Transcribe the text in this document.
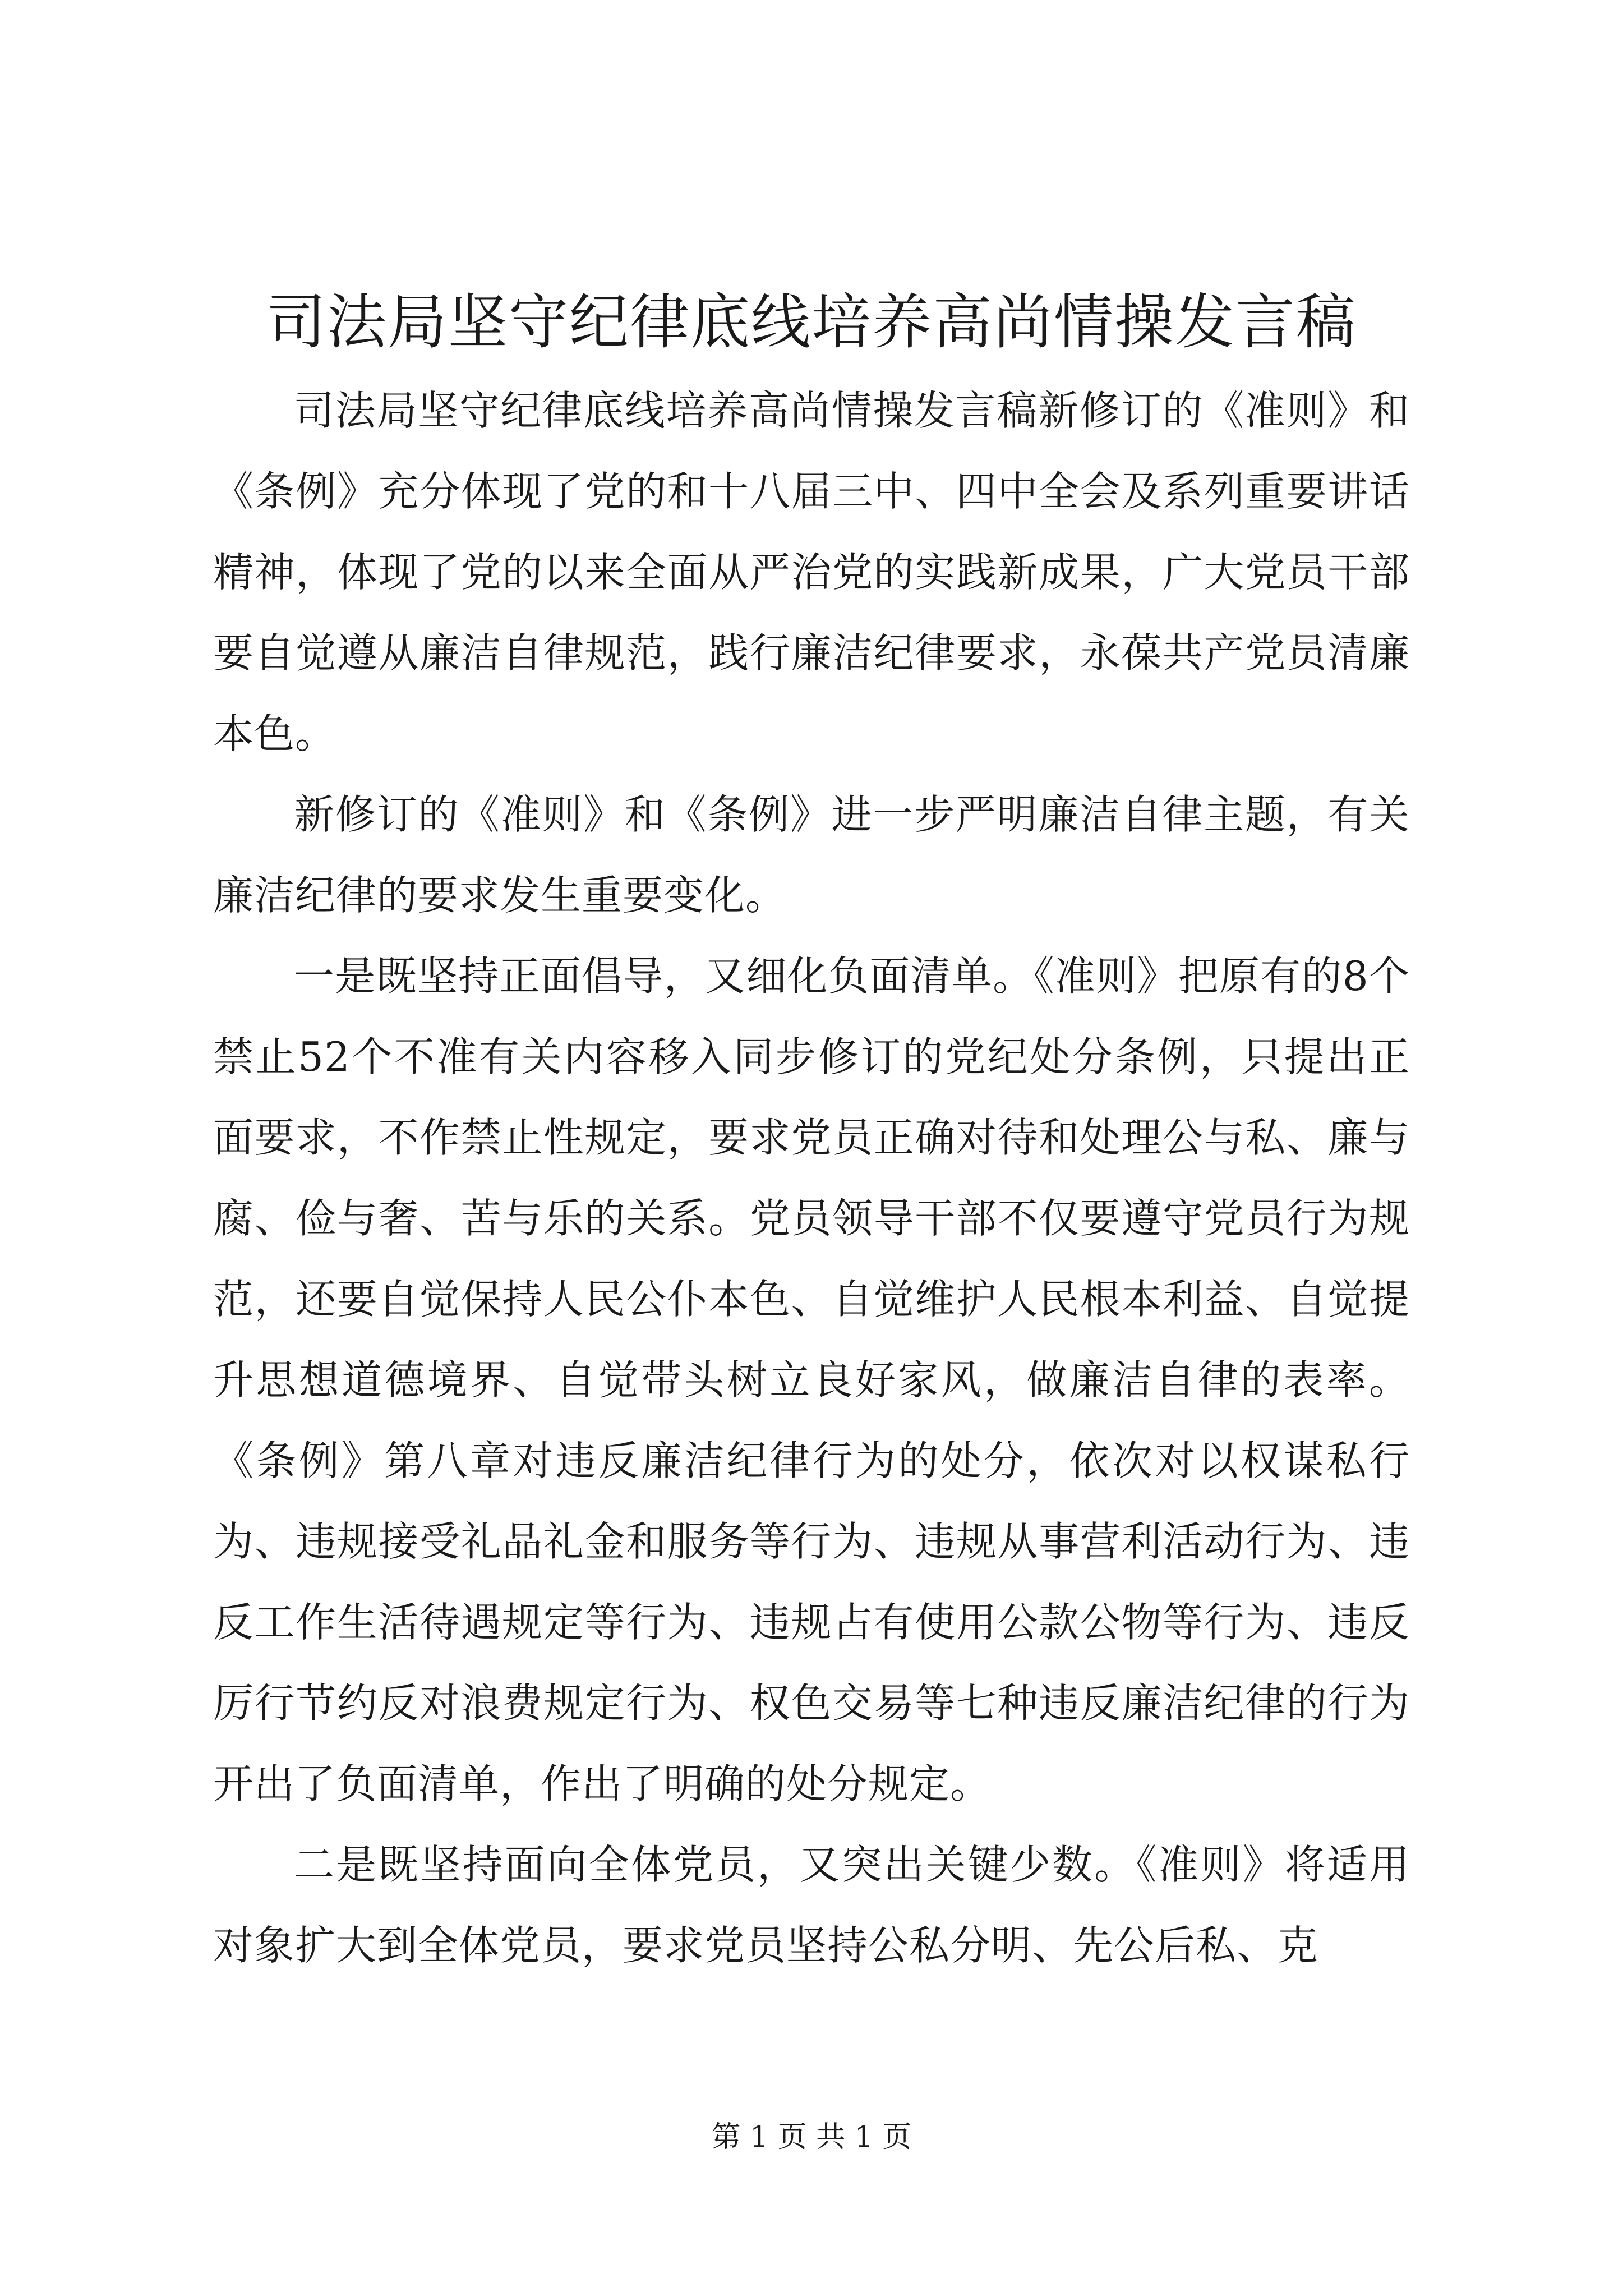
司法局坚守纪律底线培养高尚情操发言稿

司法局坚守纪律底线培养高尚情操发言稿新修订的《准则》和《条例》充分体现了党的和十八届三中、四中全会及系列重要讲话精神，体现了党的以来全面从严治党的实践新成果，广大党员干部要自觉遵从廉洁自律规范，践行廉洁纪律要求，永葆共产党员清廉本色。

新修订的《准则》和《条例》进一步严明廉洁自律主题，有关廉洁纪律的要求发生重要变化。

一是既坚持正面倡导，又细化负面清单。《准则》把原有的8个禁止52个不准有关内容移入同步修订的党纪处分条例，只提出正面要求，不作禁止性规定，要求党员正确对待和处理公与私、廉与腐、俭与奢、苦与乐的关系。党员领导干部不仅要遵守党员行为规范，还要自觉保持人民公仆本色、自觉维护人民根本利益、自觉提升思想道德境界、自觉带头树立良好家风，做廉洁自律的表率。《条例》第八章对违反廉洁纪律行为的处分，依次对以权谋私行为、违规接受礼品礼金和服务等行为、违规从事营利活动行为、违反工作生活待遇规定等行为、违规占有使用公款公物等行为、违反厉行节约反对浪费规定行为、权色交易等七种违反廉洁纪律的行为开出了负面清单，作出了明确的处分规定。

二是既坚持面向全体党员，又突出关键少数。《准则》将适用对象扩大到全体党员，要求党员坚持公私分明、先公后私、克

第 1 页 共 1 页
